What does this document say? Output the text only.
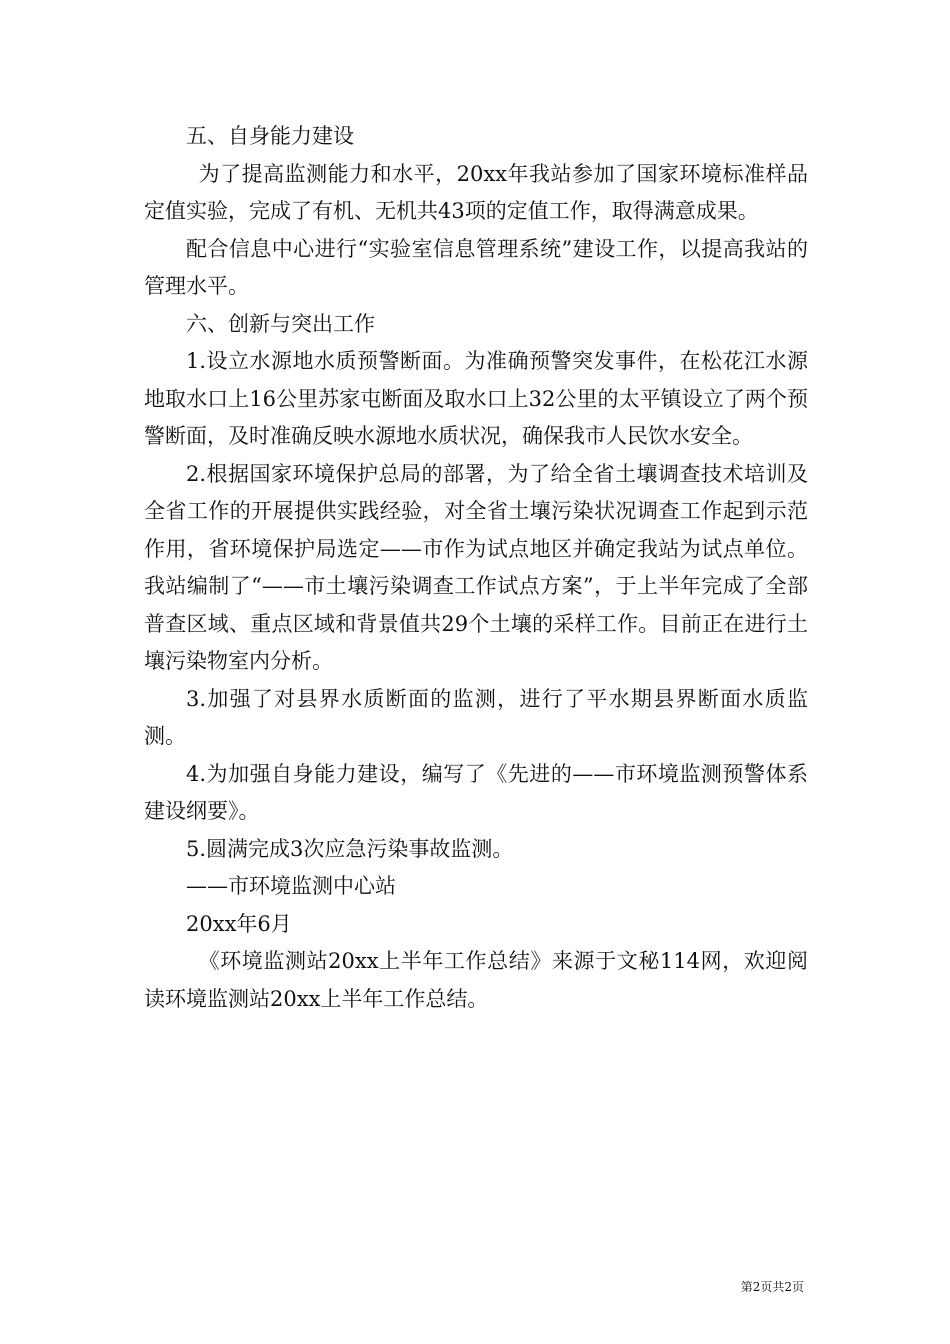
五、自身能力建设

为了提高监测能力和水平，20xx年我站参加了国家环境标准样品定值实验，完成了有机、无机共43项的定值工作，取得满意成果。

配合信息中心进行“实验室信息管理系统”建设工作，以提高我站的管理水平。

六、创新与突出工作

1.设立水源地水质预警断面。为准确预警突发事件，在松花江水源地取水口上16公里苏家屯断面及取水口上32公里的太平镇设立了两个预警断面，及时准确反映水源地水质状况，确保我市人民饮水安全。

2.根据国家环境保护总局的部署，为了给全省土壤调查技术培训及全省工作的开展提供实践经验，对全省土壤污染状况调查工作起到示范作用，省环境保护局选定——市作为试点地区并确定我站为试点单位。我站编制了“——市土壤污染调查工作试点方案”，于上半年完成了全部普查区域、重点区域和背景值共29个土壤的采样工作。目前正在进行土壤污染物室内分析。

3.加强了对县界水质断面的监测，进行了平水期县界断面水质监测。

4.为加强自身能力建设，编写了《先进的——市环境监测预警体系建设纲要》。

5.圆满完成3次应急污染事故监测。

——市环境监测中心站

20xx年6月

《环境监测站20xx上半年工作总结》来源于文秘114网，欢迎阅读环境监测站20xx上半年工作总结。

第2页共2页
